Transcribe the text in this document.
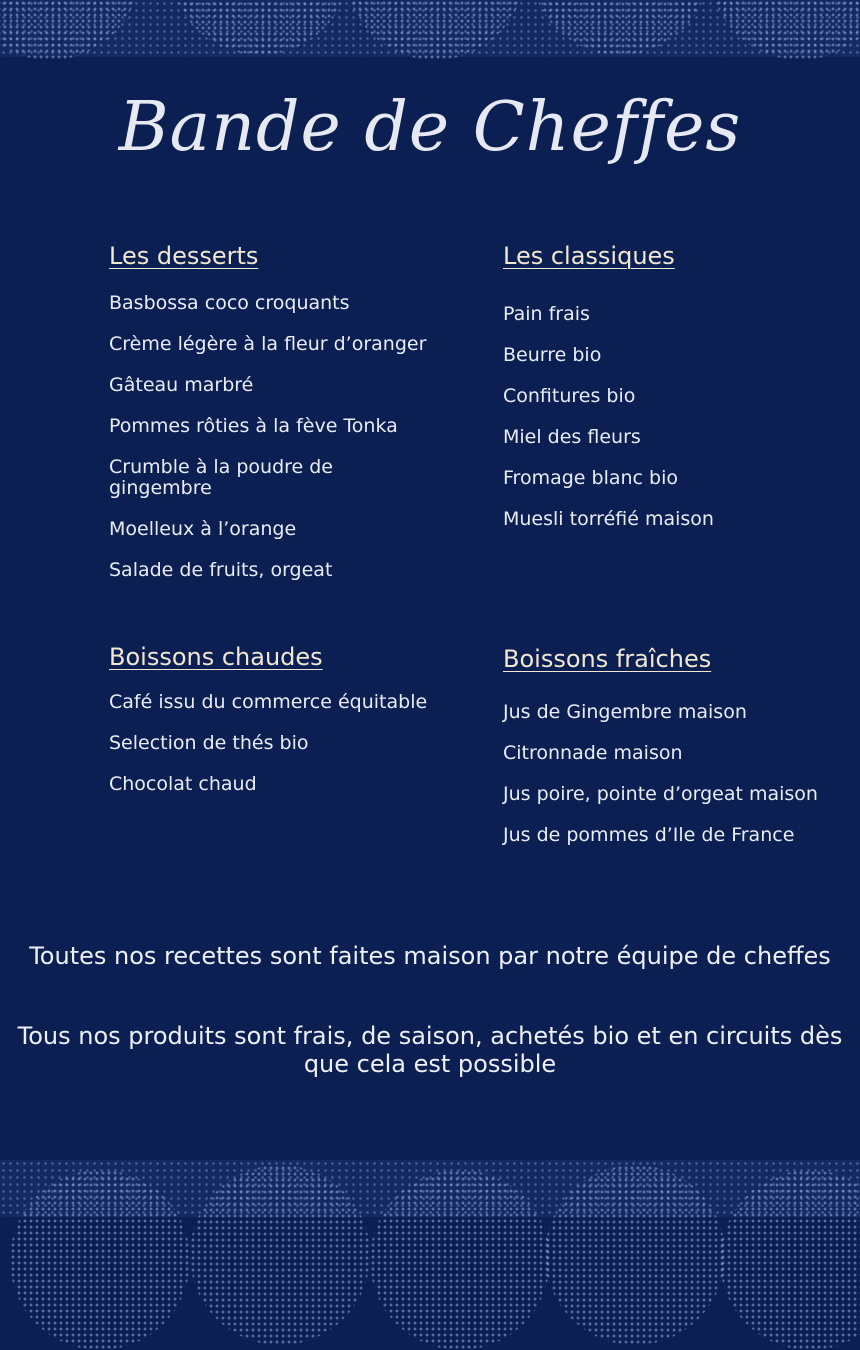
Bande de Cheffes
Les desserts
Basbossa coco croquants
Crème légère à la fleur d’oranger
Gâteau marbré
Pommes rôties à la fève Tonka
Crumble à la poudre de gingembre
Moelleux à l’orange
Salade de fruits, orgeat
Les classiques
Pain frais
Beurre bio
Confitures bio
Miel des fleurs
Fromage blanc bio
Muesli torréfié maison
Boissons chaudes
Café issu du commerce équitable
Selection de thés bio
Chocolat chaud
Boissons fraîches
Jus de Gingembre maison
Citronnade maison
Jus poire, pointe d’orgeat maison
Jus de pommes d’Ile de France

Toutes nos recettes sont faites maison par notre équipe de cheffes

Tous nos produits sont frais, de saison, achetés bio et en circuits dès que cela est possible
